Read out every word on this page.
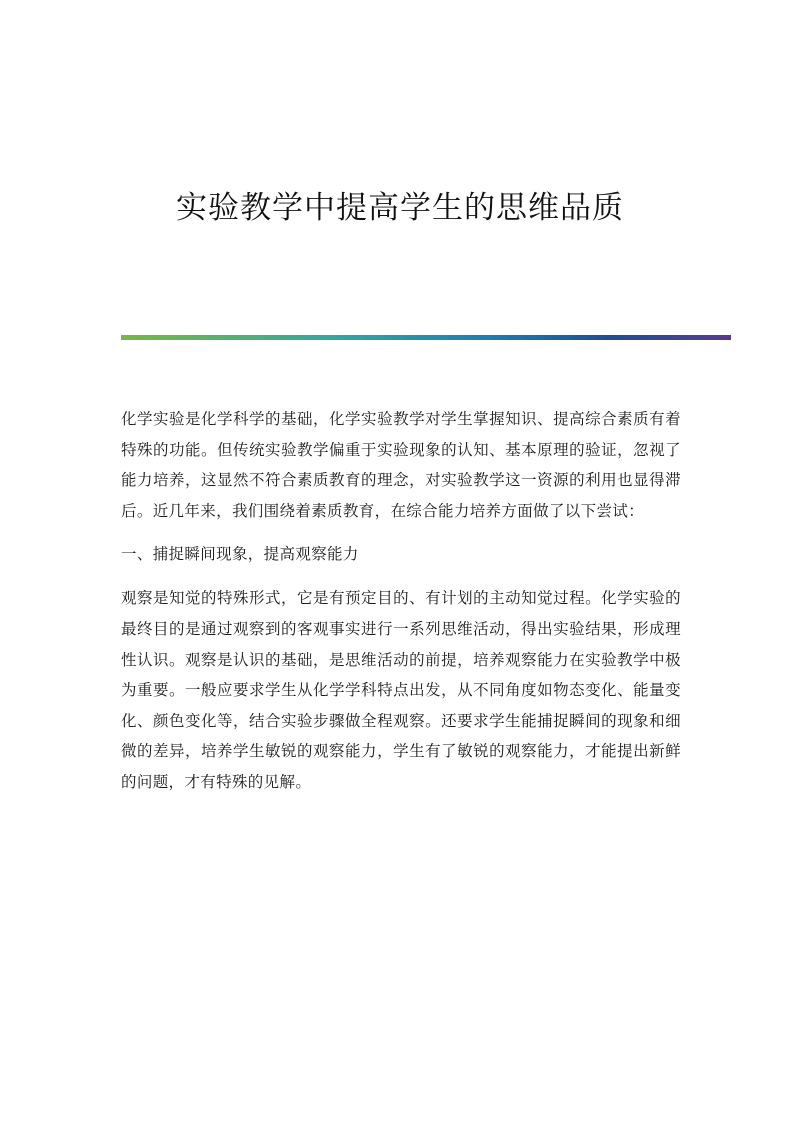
实验教学中提高学生的思维品质

化学实验是化学科学的基础，化学实验教学对学生掌握知识、提高综合素质有着特殊的功能。但传统实验教学偏重于实验现象的认知、基本原理的验证，忽视了能力培养，这显然不符合素质教育的理念，对实验教学这一资源的利用也显得滞后。近几年来，我们围绕着素质教育，在综合能力培养方面做了以下尝试：

一、捕捉瞬间现象，提高观察能力

观察是知觉的特殊形式，它是有预定目的、有计划的主动知觉过程。化学实验的最终目的是通过观察到的客观事实进行一系列思维活动，得出实验结果，形成理性认识。观察是认识的基础，是思维活动的前提，培养观察能力在实验教学中极为重要。一般应要求学生从化学学科特点出发，从不同角度如物态变化、能量变化、颜色变化等，结合实验步骤做全程观察。还要求学生能捕捉瞬间的现象和细微的差异，培养学生敏锐的观察能力，学生有了敏锐的观察能力，才能提出新鲜的问题，才有特殊的见解。
